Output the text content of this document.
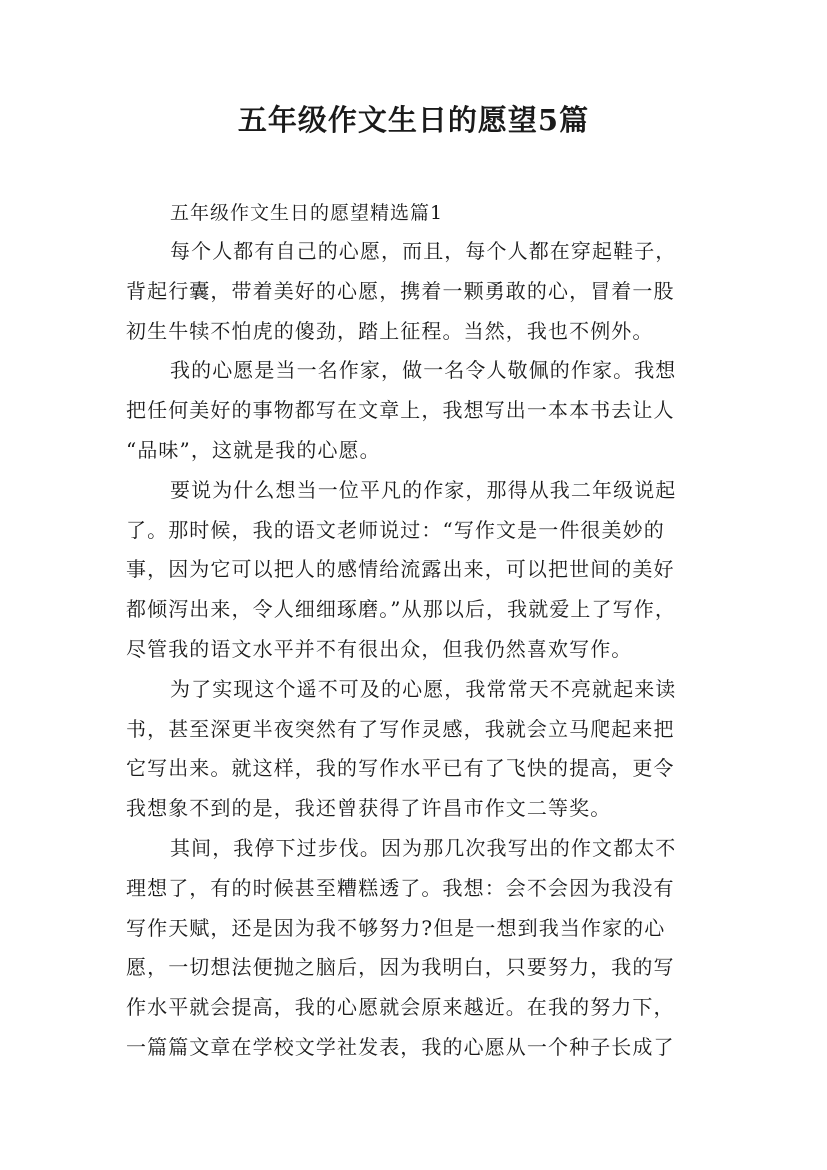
五年级作文生日的愿望5篇

五年级作文生日的愿望精选篇1

每个人都有自己的心愿，而且，每个人都在穿起鞋子，
背起行囊，带着美好的心愿，携着一颗勇敢的心，冒着一股
初生牛犊不怕虎的傻劲，踏上征程。当然，我也不例外。

我的心愿是当一名作家，做一名令人敬佩的作家。我想
把任何美好的事物都写在文章上，我想写出一本本书去让人
“品味”，这就是我的心愿。

要说为什么想当一位平凡的作家，那得从我二年级说起
了。那时候，我的语文老师说过：“写作文是一件很美妙的
事，因为它可以把人的感情给流露出来，可以把世间的美好
都倾泻出来，令人细细琢磨。”从那以后，我就爱上了写作，
尽管我的语文水平并不有很出众，但我仍然喜欢写作。

为了实现这个遥不可及的心愿，我常常天不亮就起来读
书，甚至深更半夜突然有了写作灵感，我就会立马爬起来把
它写出来。就这样，我的写作水平已有了飞快的提高，更令
我想象不到的是，我还曾获得了许昌市作文二等奖。

其间，我停下过步伐。因为那几次我写出的作文都太不
理想了，有的时候甚至糟糕透了。我想：会不会因为我没有
写作天赋，还是因为我不够努力?但是一想到我当作家的心
愿，一切想法便抛之脑后，因为我明白，只要努力，我的写
作水平就会提高，我的心愿就会原来越近。在我的努力下，
一篇篇文章在学校文学社发表，我的心愿从一个种子长成了
